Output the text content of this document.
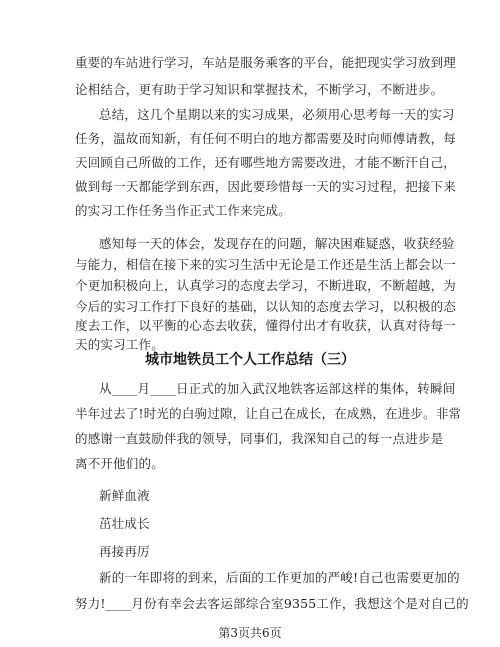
重要的车站进行学习，车站是服务乘客的平台，能把现实学习放到理
论相结合，更有助于学习知识和掌握技术，不断学习，不断进步。
总结，这几个星期以来的实习成果，必须用心思考每一天的实习
任务，温故而知新，有任何不明白的地方都需要及时向师傅请教，每
天回顾自己所做的工作，还有哪些地方需要改进，才能不断汗自己，
做到每一天都能学到东西，因此要珍惜每一天的实习过程，把接下来
的实习工作任务当作正式工作来完成。
感知每一天的体会，发现存在的问题，解决困难疑惑，收获经验
与能力，相信在接下来的实习生活中无论是工作还是生活上都会以一
个更加积极向上，认真学习的态度去学习，不断进取，不断超越，为
今后的实习工作打下良好的基础，以认知的态度去学习，以积极的态
度去工作，以平衡的心态去收获，懂得付出才有收获，认真对待每一
天的实习工作。
城市地铁员工个人工作总结（三）
从____月____日正式的加入武汉地铁客运部这样的集体，转瞬间
半年过去了!时光的白驹过隙，让自己在成长，在成熟，在进步。非常
的感谢一直鼓励伴我的领导，同事们，我深知自己的每一点进步是
离不开他们的。
新鲜血液
茁壮成长
再接再厉
新的一年即将的到来，后面的工作更加的严峻!自己也需要更加的
努力!____月份有幸会去客运部综合室9355工作，我想这个是对自己的
第3页共6页
